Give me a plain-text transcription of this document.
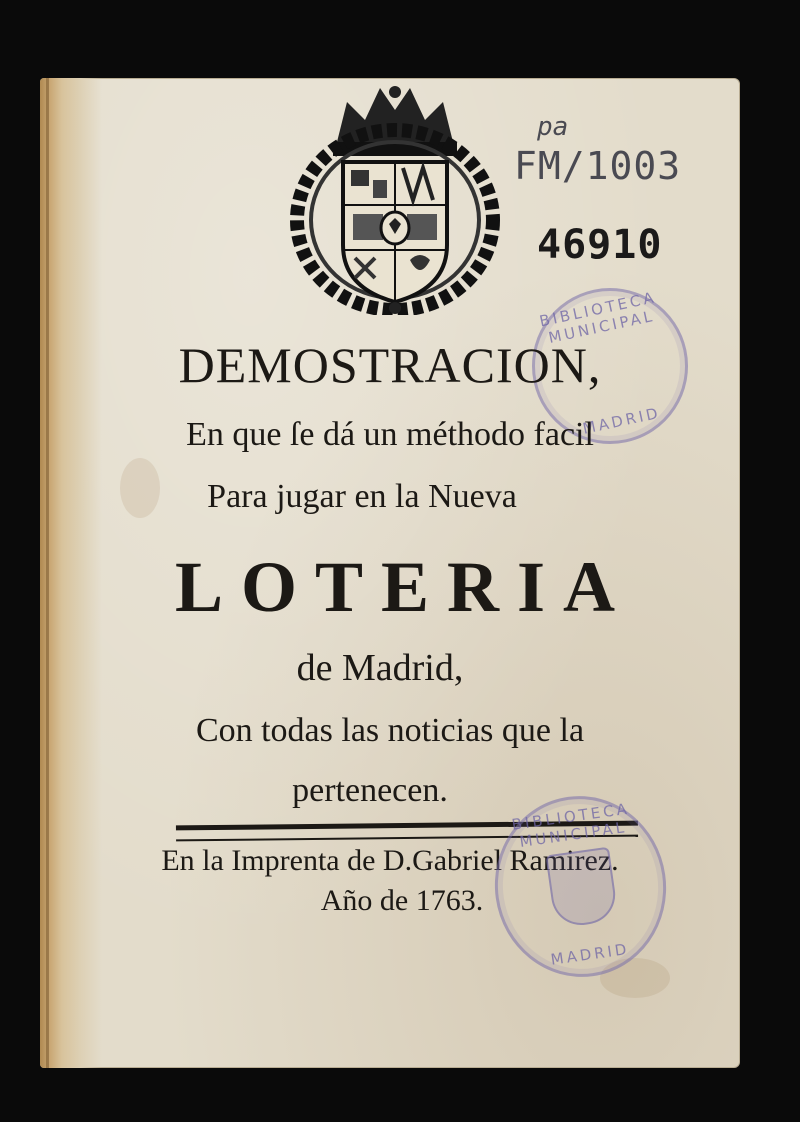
pa
FM/1003
46910
BIBLIOTECA MUNICIPAL
MADRID
DEMOSTRACION,
En que ſe dá un méthodo facil
Para jugar en la Nueva
LOTERIA
de Madrid,
Con todas las noticias que la
pertenecen.
En la Imprenta de D.Gabriel Ramirez.
Año de 1763.
BIBLIOTECA MUNICIPAL
MADRID
